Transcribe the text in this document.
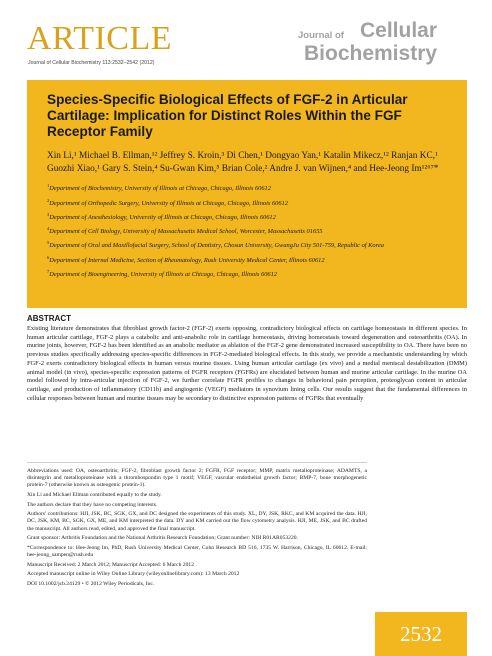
ARTICLE
Journal of Cellular Biochemistry 113:2532–2542 (2012)
Journal of Cellular
Biochemistry
Species-Specific Biological Effects of FGF-2 in Articular Cartilage: Implication for Distinct Roles Within the FGF Receptor Family
Xin Li,¹ Michael B. Ellman,¹² Jeffrey S. Kroin,³ Di Chen,¹ Dongyao Yan,¹ Katalin Mikecz,¹² Ranjan KC,¹ Guozhi Xiao,¹ Gary S. Stein,⁴ Su-Gwan Kim,⁵ Brian Cole,² Andre J. van Wijnen,⁴ and Hee-Jeong Im¹²⁶⁷*
$^1$Department of Biochemistry, University of Illinois at Chicago, Chicago, Illinois 60612
$^2$Department of Orthopedic Surgery, University of Illinois at Chicago, Chicago, Illinois 60612
$^3$Department of Anesthesiology, University of Illinois at Chicago, Chicago, Illinois 60612
$^4$Department of Cell Biology, University of Massachusetts Medical School, Worcester, Massachusetts 01655
$^5$Department of Oral and Maxillofacial Surgery, School of Dentistry, Chosun University, GwangJu City 501-759, Republic of Korea
$^6$Department of Internal Medicine, Section of Rheumatology, Rush University Medical Center, Illinois 60612
$^7$Department of Bioengineering, University of Illinois at Chicago, Chicago, Illinois 60612
ABSTRACT

Existing literature demonstrates that fibroblast growth factor-2 (FGF-2) exerts opposing, contradictory biological effects on cartilage homeostasis in different species. In human articular cartilage, FGF-2 plays a catabolic and anti-anabolic role in cartilage homeostasis, driving homeostasis toward degeneration and osteoarthritis (OA). In murine joints, however, FGF-2 has been identified as an anabolic mediator as ablation of the FGF-2 gene demonstrated increased susceptibility to OA. There have been no previous studies specifically addressing species-specific differences in FGF-2-mediated biological effects. In this study, we provide a mechanistic understanding by which FGF-2 exerts contradictory biological effects in human versus murine tissues. Using human articular cartilage (ex vivo) and a medial meniscal destabilization (DMM) animal model (in vivo), species-specific expression patterns of FGFR receptors (FGFRs) are elucidated between human and murine articular cartilage. In the murine OA model followed by intra-articular injection of FGF-2, we further correlate FGFR profiles to changes in behavioral pain perception, proteoglycan content in articular cartilage, and production of inflammatory (CD11b) and angiogenic (VEGF) mediators in synovium lining cells. Our results suggest that the fundamental differences in cellular responses between human and murine tissues may be secondary to distinctive expression patterns of FGFRs that eventually

Abbreviations used: OA, osteoarthritis; FGF-2, fibroblast growth factor 2; FGFR, FGF receptor; MMP, matrix metalloproteinase; ADAMTS, a disintegrin and metalloproteinase with a thrombospondin type 1 motif; VEGF, vascular endothelial growth factor; BMP-7, bone morphogenetic protein-7 (otherwise known as osteogenic protein-1).

Xin Li and Michael Ellman contributed equally to the study.

The authors declare that they have no competing interests.

Authors' contributions: HJI, JSK, BC, SGK, GX, and DC designed the experiments of this study. XL, DY, JSK, RKC, and KM acquired the data. HJI, DC, JSK, KM, BC, SGK, GX, ME, and KM interpreted the data. DY and KM carried out the flow cytometry analysis. HJI, ME, JSK, and BC drafted the manuscript. All authors read, edited, and approved the final manuscript.

Grant sponsor: Arthritis Foundation and the National Arthritis Research Foundation; Grant number: NIH R01AR053220.

*Correspondence to: Hee-Jeong Im, PhD, Rush University Medical Center, Cohn Research BD 516, 1735 W. Harrison, Chicago, IL 60612. E-mail: hee-jeong_sampen@rush.edu

Manuscript Received: 2 March 2012; Manuscript Accepted: 6 March 2012

Accepted manuscript online in Wiley Online Library (wileyonlinelibrary.com): 13 March 2012

DOI 10.1002/jcb.24129 • © 2012 Wiley Periodicals, Inc.

2532
